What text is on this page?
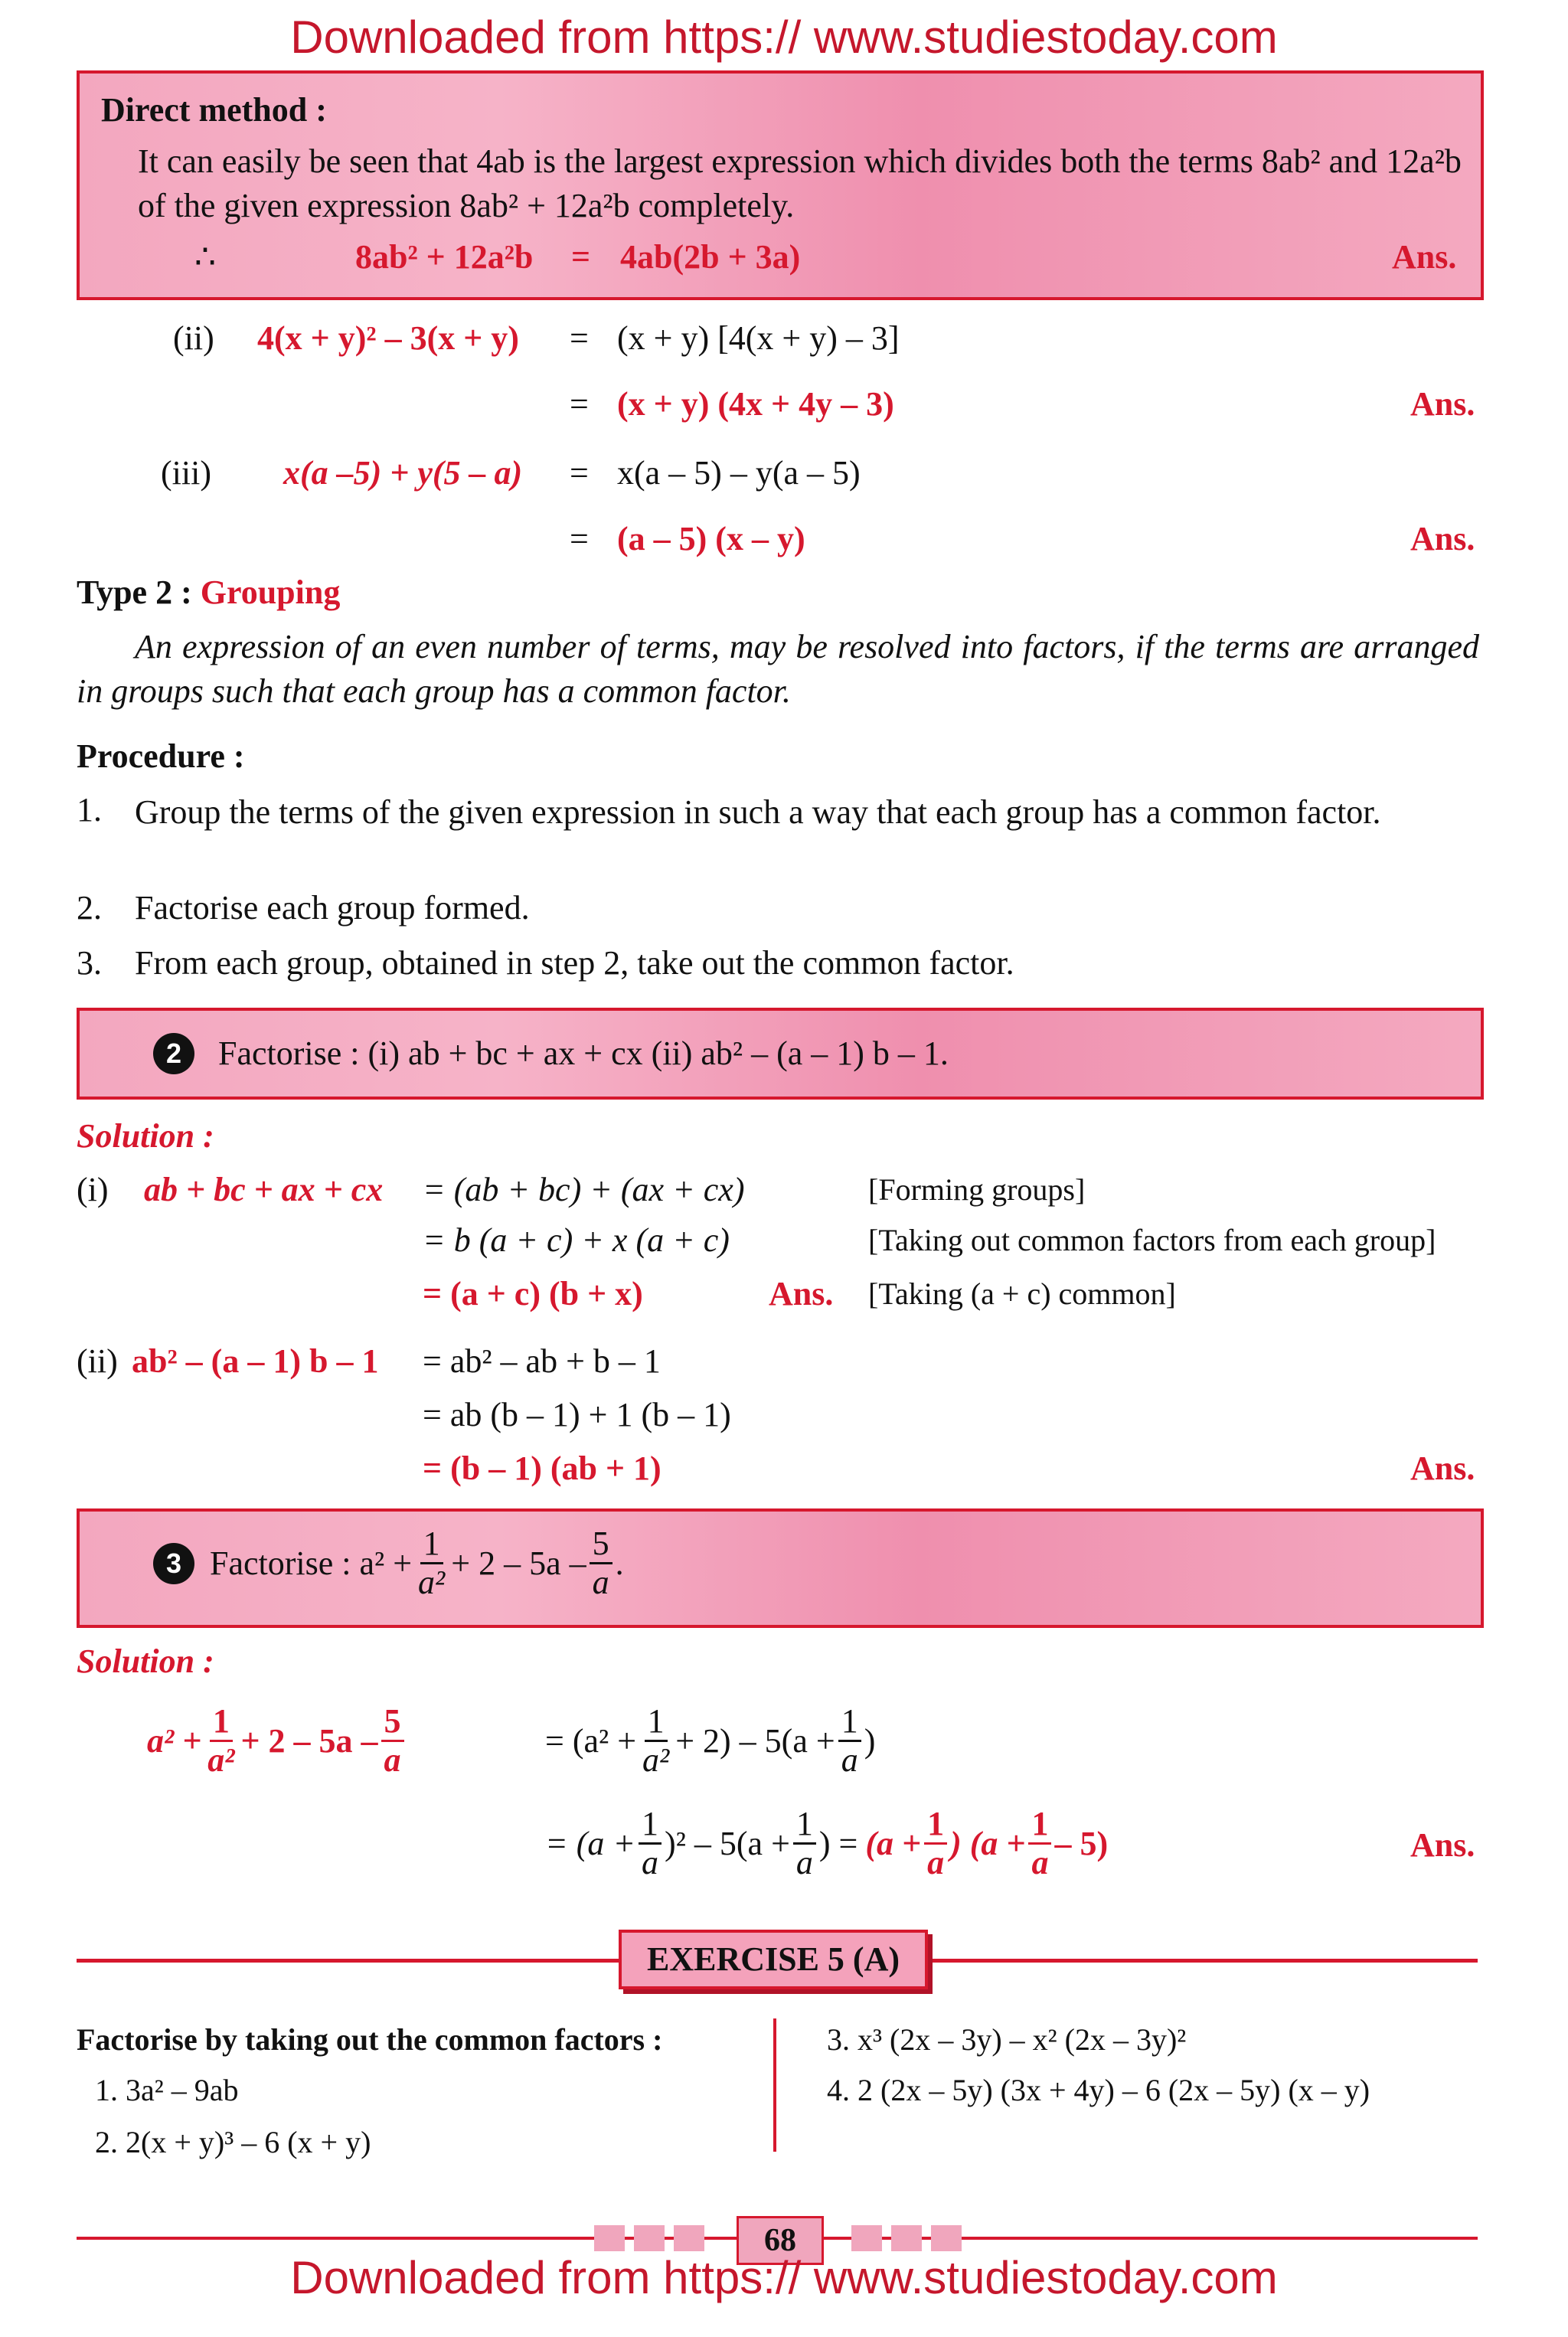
Downloaded from https:// www.studiestoday.com
Direct method :
It can easily be seen that 4ab is the largest expression which divides both the terms 8ab² and 12a²b of the given expression 8ab² + 12a²b completely.
∴	8ab² + 12a²b = 4ab(2b + 3a)	Ans.
(ii) 4(x + y)² – 3(x + y) = (x + y) [4(x + y) – 3]
= (x + y) (4x + 4y – 3)	Ans.
(iii) x(a –5) + y(5 – a) = x(a – 5) – y(a – 5)
= (a – 5) (x – y)	Ans.
Type 2 : Grouping
An expression of an even number of terms, may be resolved into factors, if the terms are arranged in groups such that each group has a common factor.
Procedure :
1. Group the terms of the given expression in such a way that each group has a common factor.
2. Factorise each group formed.
3. From each group, obtained in step 2, take out the common factor.
2 Factorise : (i) ab + bc + ax + cx (ii) ab² – (a – 1) b – 1.
Solution :
(i) ab + bc + ax + cx = (ab + bc) + (ax + cx)	[Forming groups]
= b (a + c) + x (a + c)	[Taking out common factors from each group]
= (a + c) (b + x)	Ans. [Taking (a + c) common]
(ii) ab² – (a – 1) b – 1 = ab² – ab + b – 1
= ab (b – 1) + 1 (b – 1)
= (b – 1) (ab + 1)	Ans.
3 Factorise : $a^2 + \frac{1}{\text{a²}} + 2 - 5a - \frac{5}{a}$ .
Solution :
$a^2 + \frac{1}{\text{a²}} + 2 - 5a - \frac{5}{a}$	= $(a^2 + \frac{1}{\text{a²}} + 2) - 5(a + \frac{1}{a}$ )
= $(a + \frac{1}{a} )^2 - 5(a + \frac{1}{a}$ ) = ($a + \frac{1}{a}$ ) $(a + \frac{1}{a} - 5)$	Ans.
EXERCISE 5 (A)
Factorise by taking out the common factors :
1. 3a² – 9ab
2. 2(x + y)³ – 6 (x + y)
3. x³ (2x – 3y) – x² (2x – 3y)²
4. 2 (2x – 5y) (3x + 4y) – 6 (2x – 5y) (x – y)
68
Downloaded from https:// www.studiestoday.com
